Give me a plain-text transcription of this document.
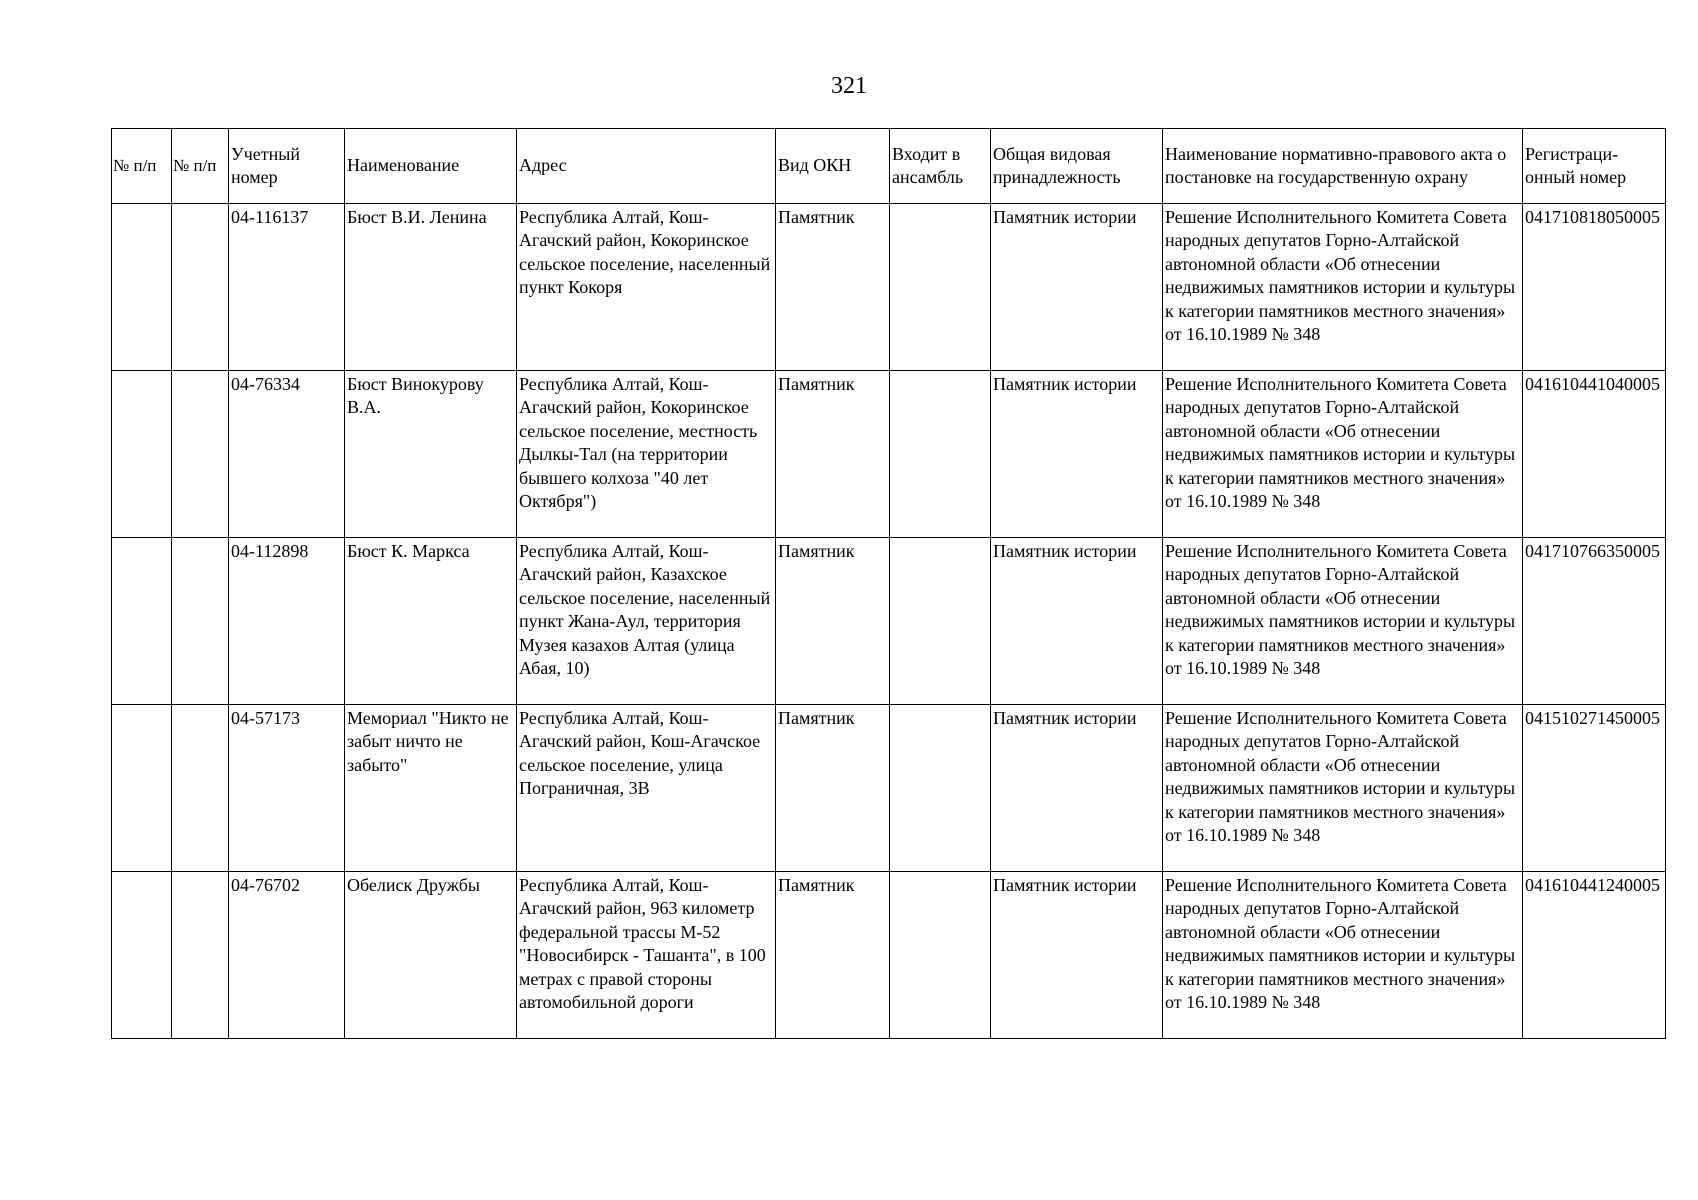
321
№ п/п	№ п/п	Учетный номер	Наименование	Адрес	Вид ОКН	Входит в ансамбль	Общая видовая принадлежность	Наименование нормативно-правового акта о постановке на государственную охрану	Регистраци-онный номер
		04-116137	Бюст В.И. Ленина	Республика Алтай, Кош-Агачский район, Кокоринское сельское поселение, населенный пункт Кокоря	Памятник		Памятник истории	Решение Исполнительного Комитета Совета народных депутатов Горно-Алтайской автономной области «Об отнесении недвижимых памятников истории и культуры к категории памятников местного значения» от 16.10.1989 № 348	041710818050005
		04-76334	Бюст Винокурову В.А.	Республика Алтай, Кош-Агачский район, Кокоринское сельское поселение, местность Дылкы-Тал (на территории бывшего колхоза "40 лет Октября")	Памятник		Памятник истории	Решение Исполнительного Комитета Совета народных депутатов Горно-Алтайской автономной области «Об отнесении недвижимых памятников истории и культуры к категории памятников местного значения» от 16.10.1989 № 348	041610441040005
		04-112898	Бюст К. Маркса	Республика Алтай, Кош-Агачский район, Казахское сельское поселение, населенный пункт Жана-Аул, территория Музея казахов Алтая (улица Абая, 10)	Памятник		Памятник истории	Решение Исполнительного Комитета Совета народных депутатов Горно-Алтайской автономной области «Об отнесении недвижимых памятников истории и культуры к категории памятников местного значения» от 16.10.1989 № 348	041710766350005
		04-57173	Мемориал "Никто не забыт ничто не забыто"	Республика Алтай, Кош-Агачский район, Кош-Агачское сельское поселение, улица Пограничная, 3В	Памятник		Памятник истории	Решение Исполнительного Комитета Совета народных депутатов Горно-Алтайской автономной области «Об отнесении недвижимых памятников истории и культуры к категории памятников местного значения» от 16.10.1989 № 348	041510271450005
		04-76702	Обелиск Дружбы	Республика Алтай, Кош-Агачский район, 963 километр федеральной трассы М-52 "Новосибирск - Ташанта", в 100 метрах с правой стороны автомобильной дороги	Памятник		Памятник истории	Решение Исполнительного Комитета Совета народных депутатов Горно-Алтайской автономной области «Об отнесении недвижимых памятников истории и культуры к категории памятников местного значения» от 16.10.1989 № 348	041610441240005
